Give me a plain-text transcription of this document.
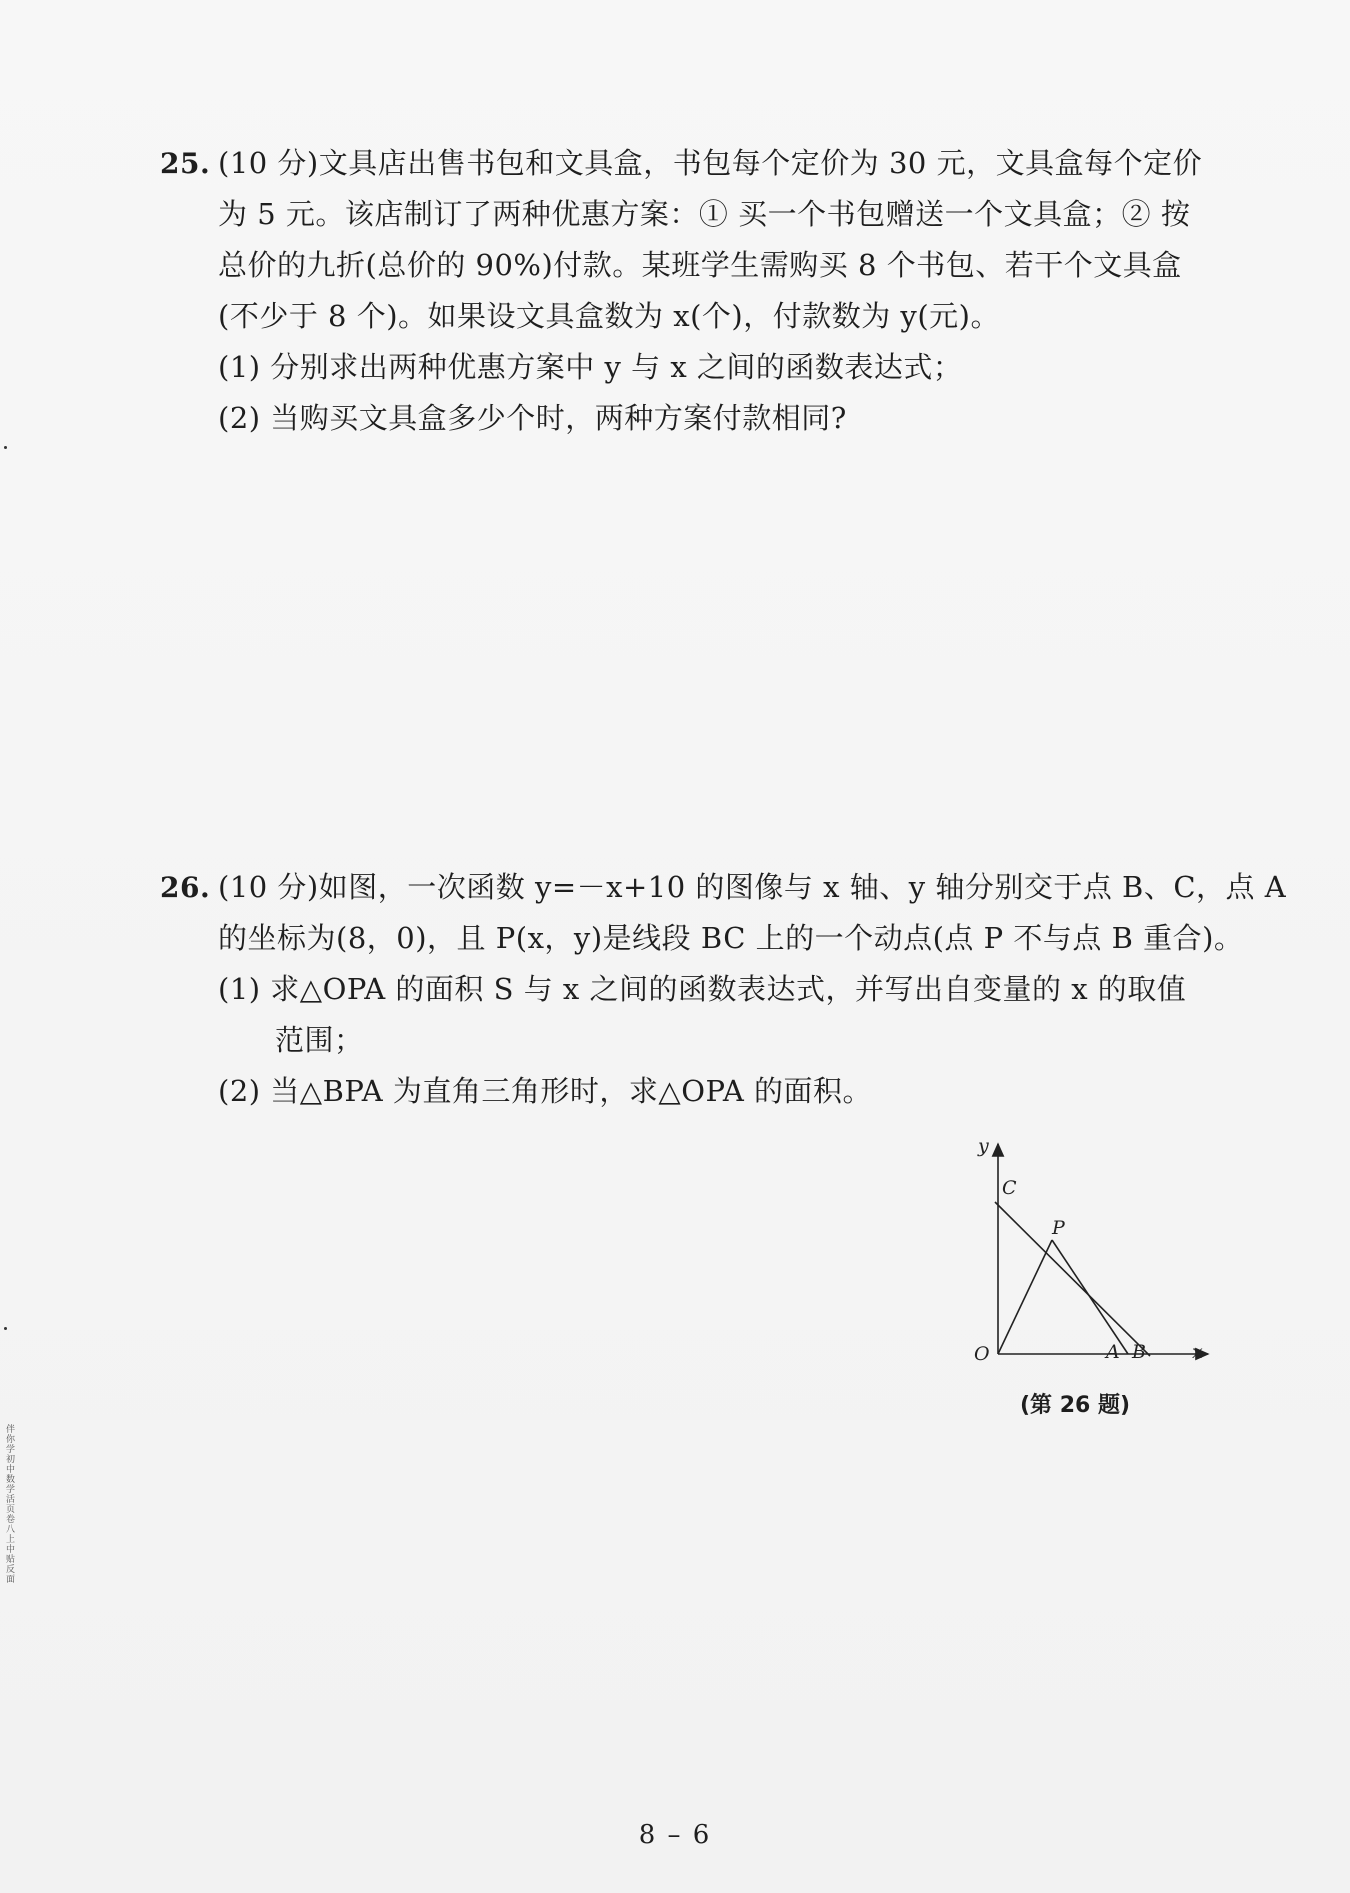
25. (10 分)文具店出售书包和文具盒，书包每个定价为 30 元，文具盒每个定价
为 5 元。该店制订了两种优惠方案：① 买一个书包赠送一个文具盒；② 按
总价的九折(总价的 90%)付款。某班学生需购买 8 个书包、若干个文具盒
(不少于 8 个)。如果设文具盒数为 x(个)，付款数为 y(元)。
(1) 分别求出两种优惠方案中 y 与 x 之间的函数表达式；
(2) 当购买文具盒多少个时，两种方案付款相同?
26. (10 分)如图，一次函数 y=－x+10 的图像与 x 轴、y 轴分别交于点 B、C，点 A
的坐标为(8，0)，且 P(x，y)是线段 BC 上的一个动点(点 P 不与点 B 重合)。
(1) 求△OPA 的面积 S 与 x 之间的函数表达式，并写出自变量的 x 的取值
范围；
(2) 当△BPA 为直角三角形时，求△OPA 的面积。
y
C
P
O	A B x
(第 26 题)
伴你学初中数学活页卷 八上 中 贴反面
8 – 6
